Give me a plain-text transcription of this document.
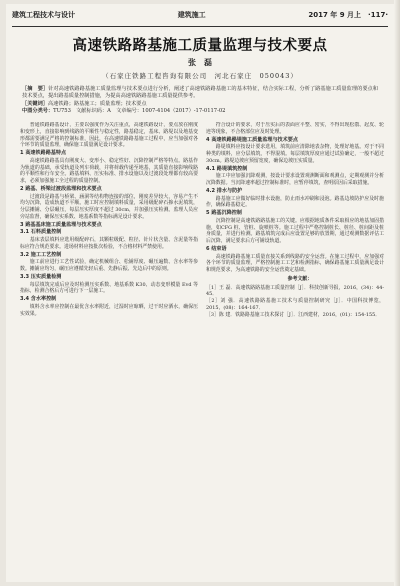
建筑工程技术与设计	建筑施工	2017 年 9 月上　·117·
高速铁路路基施工质量监理与技术要点
张　磊
（石家庄铁路工程咨询有限公司　河北石家庄　050043）
［摘　要］针对高速铁路路基施工质量监理与技术要点进行分析，阐述了高速铁路路基施工的基本特征，结合实际工程，分析了路基施工质量监理的要点和技术要点，提出路基质量控制措施，为提高高速铁路路基施工质量提供参考。
［关键词］高速铁路；路基施工；质量监理；技术要点
中图分类号：TU753　文献标识码：A　文章编号：1007-4104（2017）-17-0117-02

普通铁路路基设计，主要以强度作为关注重点，高速铁路设计，要点放在刚度和变形上，直接影响到线路的平顺性与稳定性，路基稳定，基床、路堤以及地基变形都需要满足严格的控制标准，因此，在高速铁路路基施工过程中，应当加强对各个环节的质量监理，确保施工质量满足设计要求。

1 高速铁路路基特点

高速铁路路基具有刚度大、变形小、稳定性好、沉降控制严格等特点。路基作为轨道的基础，承受轨道及列车荷载，并将荷载传递至地基，其质量直接影响线路的平顺性和行车安全。路基填料、压实标准、排水设施以及过渡段处理都有较高要求，必须加强施工全过程的质量控制。

2 路基、桥梁过渡段监理和技术要点

过渡段是路基与桥梁、涵洞等结构物连接的部位，刚度差异较大，容易产生不均匀沉降，造成轨道不平顺。施工时应控制填料质量，采用级配碎石掺水泥填筑，分层摊铺、分层碾压，每层压实厚度不超过 30cm，并加强压实检测。监理人员应旁站监督，确保压实系数、地基系数等指标满足设计要求。

3 路基基床施工质量监理与技术要点
3.1 石料质量控制

基床表层填料应选用级配碎石，其颗粒级配、粒径、针片状含量、含泥量等指标应符合规范要求。进场材料应按批次检验，不合格材料严禁使用。

3.2 施工工艺控制

施工前应进行工艺性试验，确定机械组合、松铺厚度、碾压遍数、含水率等参数。摊铺应均匀，碾压应遵循先轻后重、先静后振、先边后中的原则。

3.3 压实质量检测

每层填筑完成后应及时检测压实系数、地基系数 K30、动态变形模量 Evd 等指标，检测合格后方可进行下一层施工。

3.4 含水率控制

填料含水率应控制在最优含水率附近，过湿时应晾晒，过干时应洒水，确保压实效果。

符合设计的要求，对于压实后的表面应平整、密实，不得出现松散、起皮、轮迹等现象，不合格部位应及时处理。

4 高速铁路路堤施工质量监理与技术要点

路堤填料应按设计要求选用，填筑前应清除地表杂物，处理好地基。对于不同种类的填料，应分层填筑，不得混填。每层填筑厚度应通过试验确定，一般不超过 30cm。路堤边坡应预留宽度，确保边坡压实质量。

4.1 路堤填筑控制

施工中应加强沉降观测，按设计要求设置观测断面和观测点，定期观测并分析沉降数据。当沉降速率超过控制标准时，应暂停填筑，查明原因后采取措施。

4.2 排水与防护

路基施工应做好临时排水设施，防止雨水冲刷和浸泡。路基边坡防护应及时施作，确保路基稳定。

5 路基沉降控制

沉降控制是高速铁路路基施工的关键。应根据地质条件采取相应的地基加固措施，如CFG 桩、管桩、旋喷桩等。施工过程中严格控制桩长、桩径、桩间距及桩身质量，并进行检测。路基填筑完成后应设置足够的放置期，通过观测数据评估工后沉降，满足要求后方可铺设轨道。

6 结束语

高速铁路路基施工质量直接关系到线路的安全运营。在施工过程中，应加强对各个环节的质量监理，严格控制施工工艺和检测指标，确保路基施工质量满足设计和规范要求，为高速铁路的安全运营奠定基础。

参考文献：

［1］王 磊．高速铁路路基施工质量控制［J］．科技创新导报，2016，(34)：44-45．

［2］刘 强．高速铁路路基施工技术与质量控制研究［J］．中国科技博览，2015，(08)：164-167．

［3］陈 建．铁路路基施工技术探讨［J］．江西建材，2016，(01)：154-155．
